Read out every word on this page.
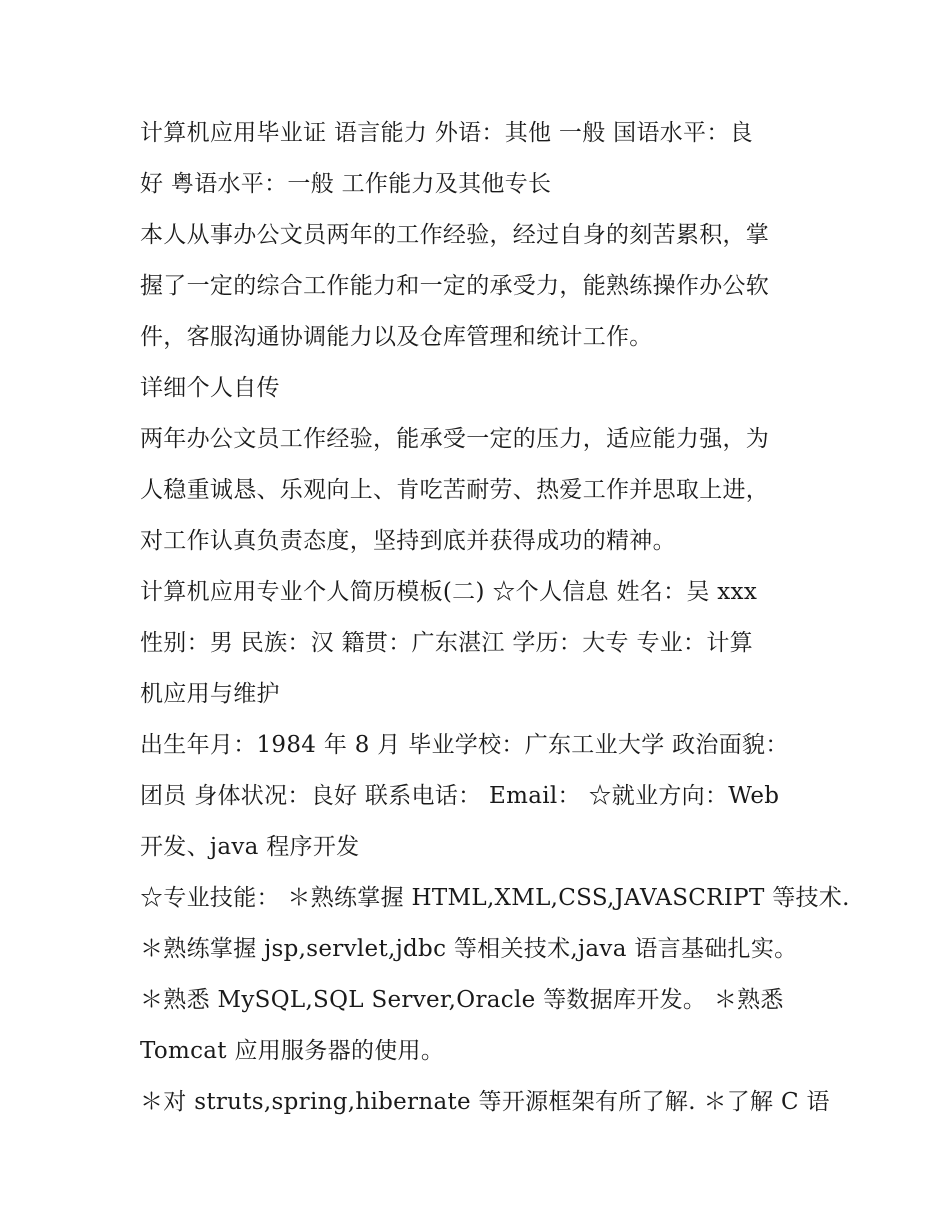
计算机应用毕业证 语言能力 外语：其他 一般 国语水平：良
好 粤语水平：一般 工作能力及其他专长
本人从事办公文员两年的工作经验，经过自身的刻苦累积，掌
握了一定的综合工作能力和一定的承受力，能熟练操作办公软
件，客服沟通协调能力以及仓库管理和统计工作。
详细个人自传
两年办公文员工作经验，能承受一定的压力，适应能力强，为
人稳重诚恳、乐观向上、肯吃苦耐劳、热爱工作并思取上进，
对工作认真负责态度，坚持到底并获得成功的精神。
计算机应用专业个人简历模板(二) ☆个人信息 姓名：吴 xxx
性别：男 民族：汉 籍贯：广东湛江 学历：大专 专业：计算
机应用与维护
出生年月：1984 年 8 月 毕业学校：广东工业大学 政治面貌：
团员 身体状况：良好 联系电话： Email： ☆就业方向：Web
开发、java 程序开发
☆专业技能： ＊熟练掌握 HTML,XML,CSS,JAVASCRIPT 等技术.
＊熟练掌握 jsp,servlet,jdbc 等相关技术,java 语言基础扎实。
＊熟悉 MySQL,SQL Server,Oracle 等数据库开发。 ＊熟悉
Tomcat 应用服务器的使用。
＊对 struts,spring,hibernate 等开源框架有所了解. ＊了解 C 语
